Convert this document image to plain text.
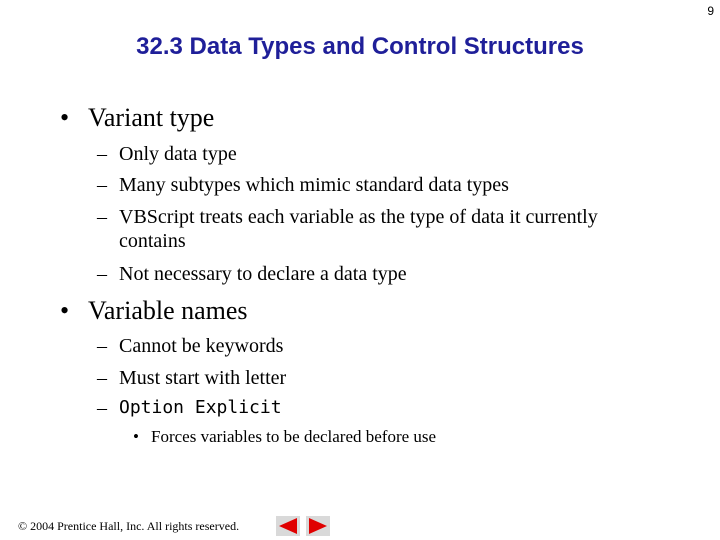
9
32.3 Data Types and Control Structures
• Variant type
– Only data type
– Many subtypes which mimic standard data types
– VBScript treats each variable as the type of data it currently contains
– Not necessary to declare a data type
• Variable names
– Cannot be keywords
– Must start with letter
– Option Explicit
• Forces variables to be declared before use
© 2004 Prentice Hall, Inc. All rights reserved.
